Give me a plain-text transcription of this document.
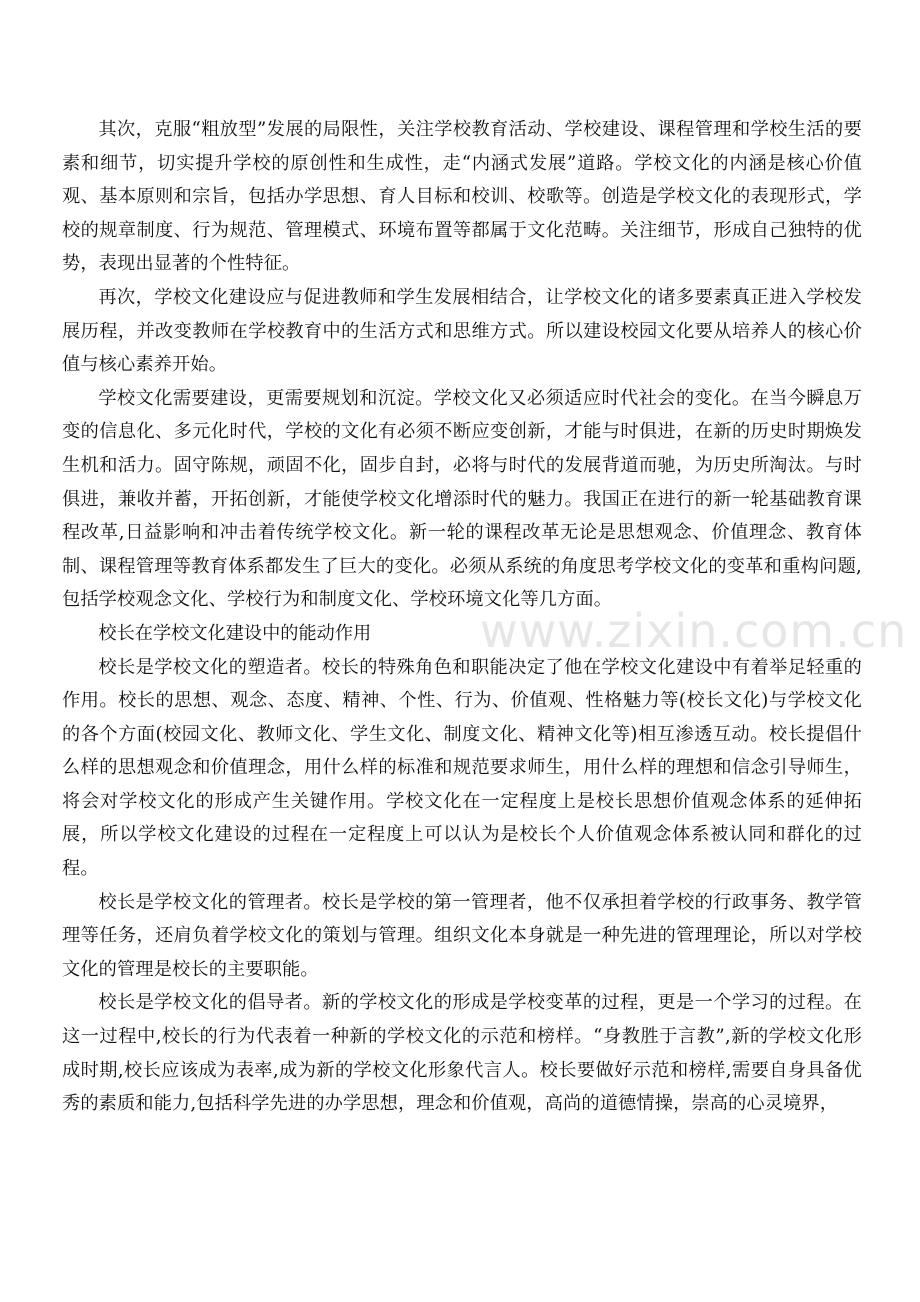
www.zixin.com.cn

其次，克服“粗放型”发展的局限性，关注学校教育活动、学校建设、课程管理和学校生活的要素和细节，切实提升学校的原创性和生成性，走“内涵式发展”道路。学校文化的内涵是核心价值观、基本原则和宗旨，包括办学思想、育人目标和校训、校歌等。创造是学校文化的表现形式，学校的规章制度、行为规范、管理模式、环境布置等都属于文化范畴。关注细节，形成自己独特的优势，表现出显著的个性特征。

再次，学校文化建设应与促进教师和学生发展相结合，让学校文化的诸多要素真正进入学校发展历程，并改变教师在学校教育中的生活方式和思维方式。所以建设校园文化要从培养人的核心价值与核心素养开始。

学校文化需要建设，更需要规划和沉淀。学校文化又必须适应时代社会的变化。在当今瞬息万变的信息化、多元化时代，学校的文化有必须不断应变创新，才能与时俱进，在新的历史时期焕发生机和活力。固守陈规，顽固不化，固步自封，必将与时代的发展背道而驰，为历史所淘汰。与时俱进，兼收并蓄，开拓创新，才能使学校文化增添时代的魅力。我国正在进行的新一轮基础教育课程改革,日益影响和冲击着传统学校文化。新一轮的课程改革无论是思想观念、价值理念、教育体制、课程管理等教育体系都发生了巨大的变化。必须从系统的角度思考学校文化的变革和重构问题,包括学校观念文化、学校行为和制度文化、学校环境文化等几方面。

校长在学校文化建设中的能动作用

校长是学校文化的塑造者。校长的特殊角色和职能决定了他在学校文化建设中有着举足轻重的作用。校长的思想、观念、态度、精神、个性、行为、价值观、性格魅力等(校长文化)与学校文化的各个方面(校园文化、教师文化、学生文化、制度文化、精神文化等)相互渗透互动。校长提倡什么样的思想观念和价值理念，用什么样的标准和规范要求师生，用什么样的理想和信念引导师生，将会对学校文化的形成产生关键作用。学校文化在一定程度上是校长思想价值观念体系的延伸拓展，所以学校文化建设的过程在一定程度上可以认为是校长个人价值观念体系被认同和群化的过程。

校长是学校文化的管理者。校长是学校的第一管理者，他不仅承担着学校的行政事务、教学管理等任务，还肩负着学校文化的策划与管理。组织文化本身就是一种先进的管理理论，所以对学校文化的管理是校长的主要职能。

校长是学校文化的倡导者。新的学校文化的形成是学校变革的过程，更是一个学习的过程。在这一过程中,校长的行为代表着一种新的学校文化的示范和榜样。“身教胜于言教”,新的学校文化形成时期,校长应该成为表率,成为新的学校文化形象代言人。校长要做好示范和榜样,需要自身具备优秀的素质和能力,包括科学先进的办学思想，理念和价值观，高尚的道德情操，崇高的心灵境界，
